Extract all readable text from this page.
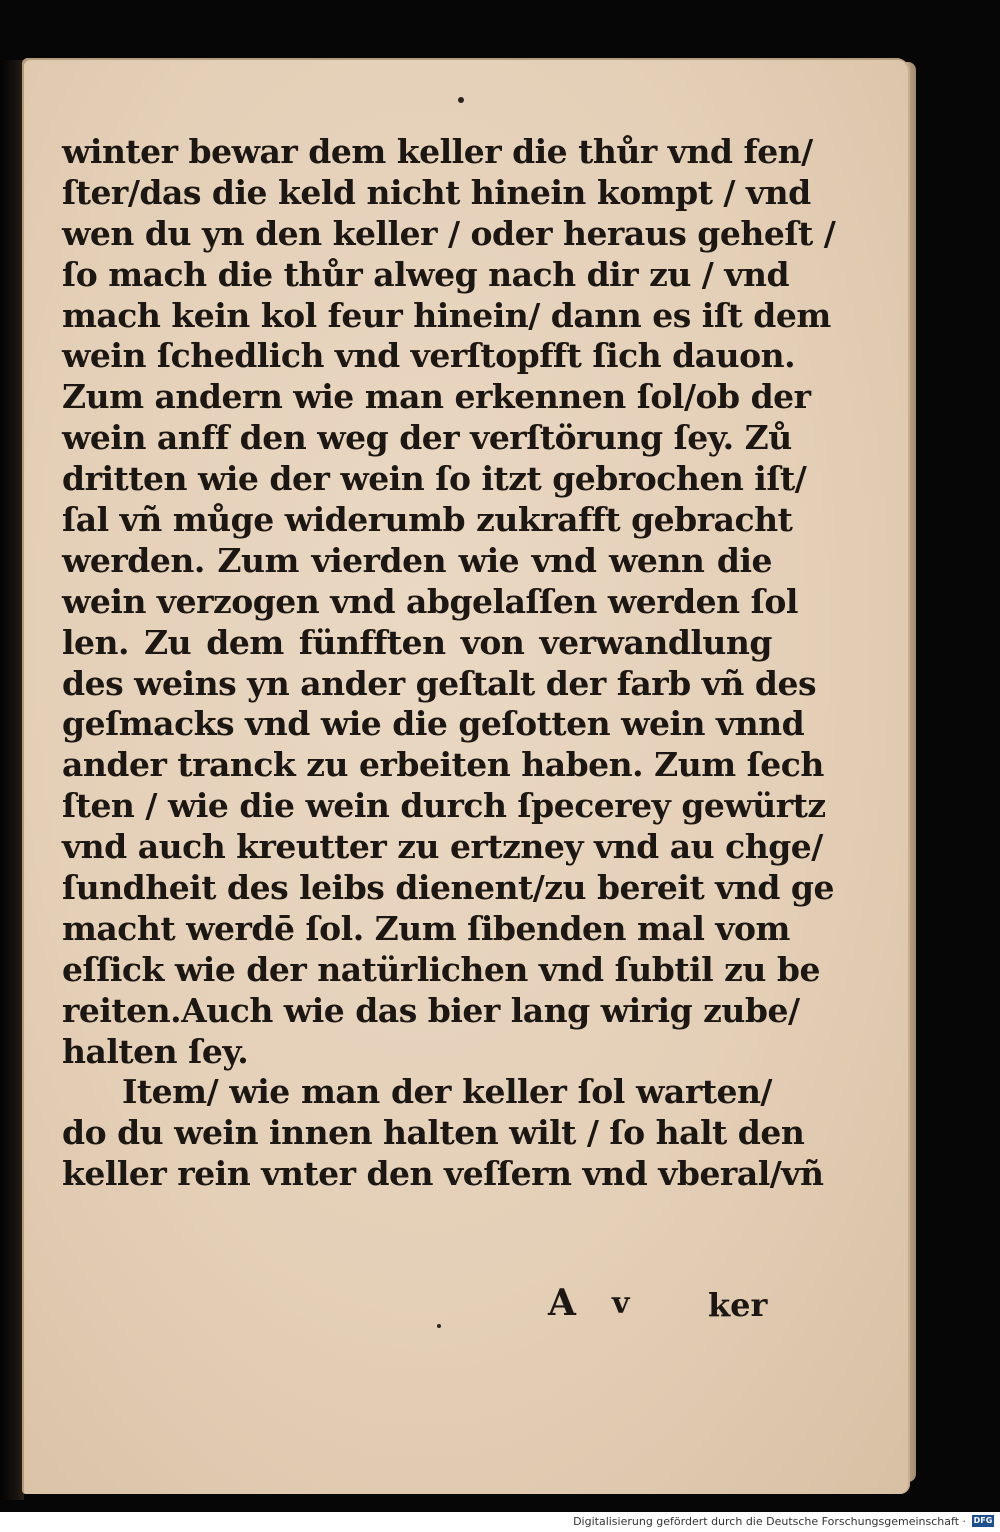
winter bewar dem keller die thůr vnd fen/
ſter/das die keld nicht hinein kompt / vnd
wen du yn den keller / oder heraus geheſt /
ſo mach die thůr alweg nach dir zu / vnd
mach kein kol feur hinein/ dann es iſt dem
wein ſchedlich vnd verſtopfft ſich dauon.
Zum andern wie man erkennen ſol/ob der
wein anff den weg der verſtörung ſey. Zů
dritten wie der wein ſo itzt gebrochen iſt/
ſal vñ můge widerumb zukrafft gebracht
werden. Zum vierden wie vnd wenn die
wein verzogen vnd abgelaſſen werden ſol
len. Zu dem fünfften von verwandlung
des weins yn ander geſtalt der farb vñ des
geſmacks vnd wie die geſotten wein vnnd
ander tranck zu erbeiten haben. Zum ſech
ſten / wie die wein durch ſpecerey gewürtz
vnd auch kreutter zu ertzney vnd au chge/
ſundheit des leibs dienent/zu bereit vnd ge
macht werdē ſol. Zum ſibenden mal vom
eſſick wie der natürlichen vnd ſubtil zu be
reiten.Auch wie das bier lang wirig zube/
halten ſey.
Item/ wie man der keller ſol warten/
do du wein innen halten wilt / ſo halt den
keller rein vnter den veſſern vnd vberal/vñ
A v ker
Digitalisierung gefördert durch die Deutsche Forschungsgemeinschaft · DFG
